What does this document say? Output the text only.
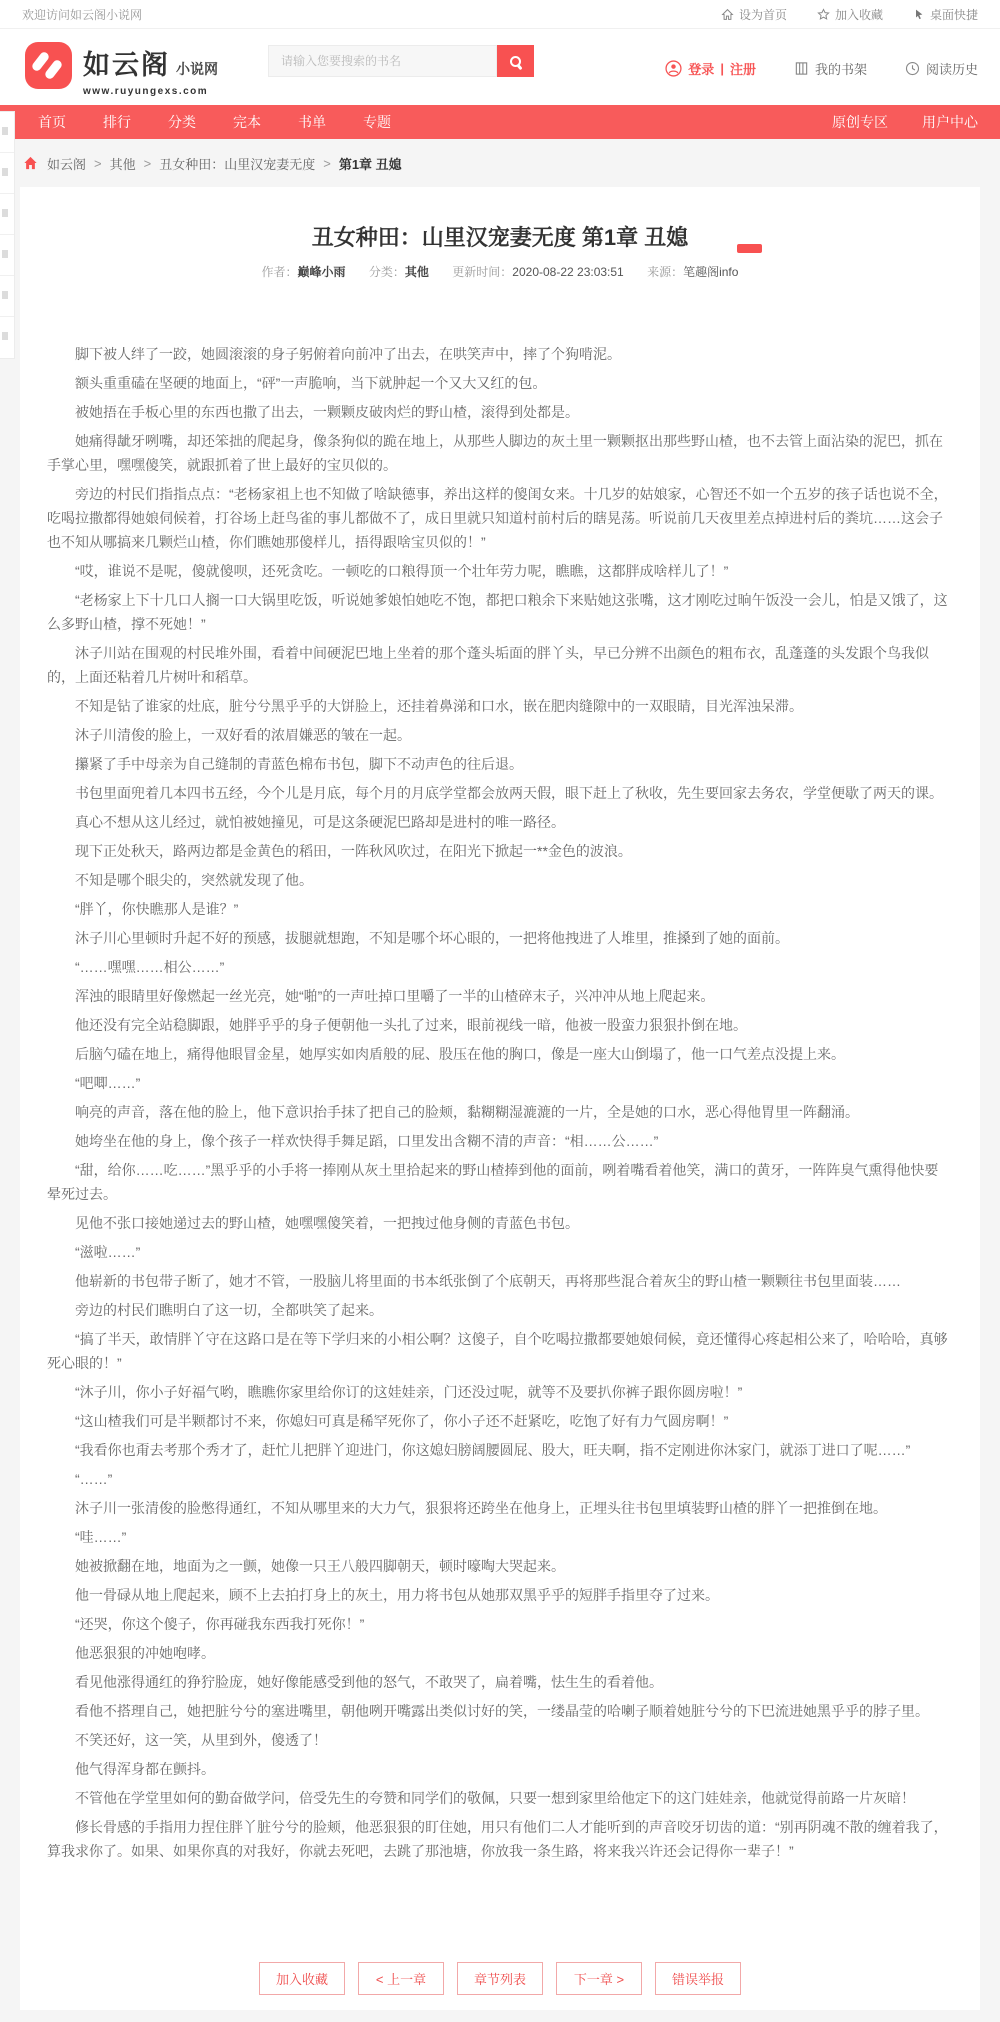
欢迎访问如云阁小说网	设为首页	加入收藏	桌面快捷
如云阁 小说网
www.ruyungexs.com
请输入您要搜索的书名
登录 | 注册	我的书架	阅读历史
首页	排行	分类	完本	书单	专题	原创专区 用户中心
如云阁 > 其他 > 丑女种田：山里汉宠妻无度 > 第1章 丑媳
丑女种田：山里汉宠妻无度 第1章 丑媳
作者：巅峰小雨 分类：其他 更新时间：2020-08-22 23:03:51 来源：笔趣阁info

脚下被人绊了一跤，她圆滚滚的身子躬俯着向前冲了出去，在哄笑声中，摔了个狗啃泥。

额头重重磕在坚硬的地面上，“砰”一声脆响，当下就肿起一个又大又红的包。

被她捂在手板心里的东西也撒了出去，一颗颗皮破肉烂的野山楂，滚得到处都是。

她痛得龇牙咧嘴，却还笨拙的爬起身，像条狗似的跪在地上，从那些人脚边的灰土里一颗颗抠出那些野山楂，也不去管上面沾染的泥巴，抓在手掌心里，嘿嘿傻笑，就跟抓着了世上最好的宝贝似的。

旁边的村民们指指点点：“老杨家祖上也不知做了啥缺德事，养出这样的傻闺女来。十几岁的姑娘家，心智还不如一个五岁的孩子话也说不全，吃喝拉撒都得她娘伺候着，打谷场上赶鸟雀的事儿都做不了，成日里就只知道村前村后的瞎晃荡。听说前几天夜里差点掉进村后的粪坑……这会子也不知从哪搞来几颗烂山楂，你们瞧她那傻样儿，捂得跟啥宝贝似的！”

“哎，谁说不是呢，傻就傻呗，还死贪吃。一顿吃的口粮得顶一个壮年劳力呢，瞧瞧，这都胖成啥样儿了！”

“老杨家上下十几口人搁一口大锅里吃饭，听说她爹娘怕她吃不饱，都把口粮余下来贴她这张嘴，这才刚吃过晌午饭没一会儿，怕是又饿了，这么多野山楂，撑不死她！”

沐子川站在围观的村民堆外围，看着中间硬泥巴地上坐着的那个蓬头垢面的胖丫头，早已分辨不出颜色的粗布衣，乱蓬蓬的头发跟个鸟我似的，上面还粘着几片树叶和稻草。

不知是钻了谁家的灶底，脏兮兮黑乎乎的大饼脸上，还挂着鼻涕和口水，嵌在肥肉缝隙中的一双眼睛，目光浑浊呆滞。

沐子川清俊的脸上，一双好看的浓眉嫌恶的皱在一起。

攥紧了手中母亲为自己缝制的青蓝色棉布书包，脚下不动声色的往后退。

书包里面兜着几本四书五经，今个儿是月底，每个月的月底学堂都会放两天假，眼下赶上了秋收，先生要回家去务农，学堂便歇了两天的课。

真心不想从这儿经过，就怕被她撞见，可是这条硬泥巴路却是进村的唯一路径。

现下正处秋天，路两边都是金黄色的稻田，一阵秋风吹过，在阳光下掀起一**金色的波浪。

不知是哪个眼尖的，突然就发现了他。

“胖丫，你快瞧那人是谁？”

沐子川心里顿时升起不好的预感，拔腿就想跑，不知是哪个坏心眼的，一把将他拽进了人堆里，推搡到了她的面前。

“……嘿嘿……相公……”

浑浊的眼睛里好像燃起一丝光亮，她“啪”的一声吐掉口里嚼了一半的山楂碎末子，兴冲冲从地上爬起来。

他还没有完全站稳脚跟，她胖乎乎的身子便朝他一头扎了过来，眼前视线一暗，他被一股蛮力狠狠扑倒在地。

后脑勺磕在地上，痛得他眼冒金星，她厚实如肉盾般的屁、股压在他的胸口，像是一座大山倒塌了，他一口气差点没提上来。

“吧唧……”

响亮的声音，落在他的脸上，他下意识抬手抹了把自己的脸颊，黏糊糊湿漉漉的一片，全是她的口水，恶心得他胃里一阵翻涌。

她垮坐在他的身上，像个孩子一样欢快得手舞足蹈，口里发出含糊不清的声音：“相……公……”

“甜，给你……吃……”黑乎乎的小手将一捧刚从灰土里拾起来的野山楂捧到他的面前，咧着嘴看着他笑，满口的黄牙，一阵阵臭气熏得他快要晕死过去。

见他不张口接她递过去的野山楂，她嘿嘿傻笑着，一把拽过他身侧的青蓝色书包。

“滋啦……”

他崭新的书包带子断了，她才不管，一股脑儿将里面的书本纸张倒了个底朝天，再将那些混合着灰尘的野山楂一颗颗往书包里面装……

旁边的村民们瞧明白了这一切，全都哄笑了起来。

“搞了半天，敢情胖丫守在这路口是在等下学归来的小相公啊？这傻子，自个吃喝拉撒都要她娘伺候，竟还懂得心疼起相公来了，哈哈哈，真够死心眼的！”

“沐子川，你小子好福气哟，瞧瞧你家里给你订的这娃娃亲，门还没过呢，就等不及要扒你裤子跟你圆房啦！”

“这山楂我们可是半颗都讨不来，你媳妇可真是稀罕死你了，你小子还不赶紧吃，吃饱了好有力气圆房啊！”

“我看你也甭去考那个秀才了，赶忙儿把胖丫迎进门，你这媳妇膀阔腰圆屁、股大，旺夫啊，指不定刚进你沐家门，就添丁进口了呢……”

“……”

沐子川一张清俊的脸憋得通红，不知从哪里来的大力气，狠狠将还跨坐在他身上，正埋头往书包里填装野山楂的胖丫一把推倒在地。

“哇……”

她被掀翻在地，地面为之一颤，她像一只王八般四脚朝天，顿时嚎啕大哭起来。

他一骨碌从地上爬起来，顾不上去拍打身上的灰土，用力将书包从她那双黑乎乎的短胖手指里夺了过来。

“还哭，你这个傻子，你再碰我东西我打死你！”

他恶狠狠的冲她咆哮。

看见他涨得通红的狰狞脸庞，她好像能感受到他的怒气，不敢哭了，扁着嘴，怯生生的看着他。

看他不搭理自己，她把脏兮兮的塞进嘴里，朝他咧开嘴露出类似讨好的笑，一缕晶莹的哈喇子顺着她脏兮兮的下巴流进她黑乎乎的脖子里。

不笑还好，这一笑，从里到外，傻透了！

他气得浑身都在颤抖。

不管他在学堂里如何的勤奋做学问，倍受先生的夸赞和同学们的敬佩，只要一想到家里给他定下的这门娃娃亲，他就觉得前路一片灰暗！

修长骨感的手指用力捏住胖丫脏兮兮的脸颊，他恶狠狠的盯住她，用只有他们二人才能听到的声音咬牙切齿的道：“别再阴魂不散的缠着我了，算我求你了。如果、如果你真的对我好，你就去死吧，去跳了那池塘，你放我一条生路，将来我兴许还会记得你一辈子！”

加入收藏	< 上一章	章节列表	下一章 >	错误举报
